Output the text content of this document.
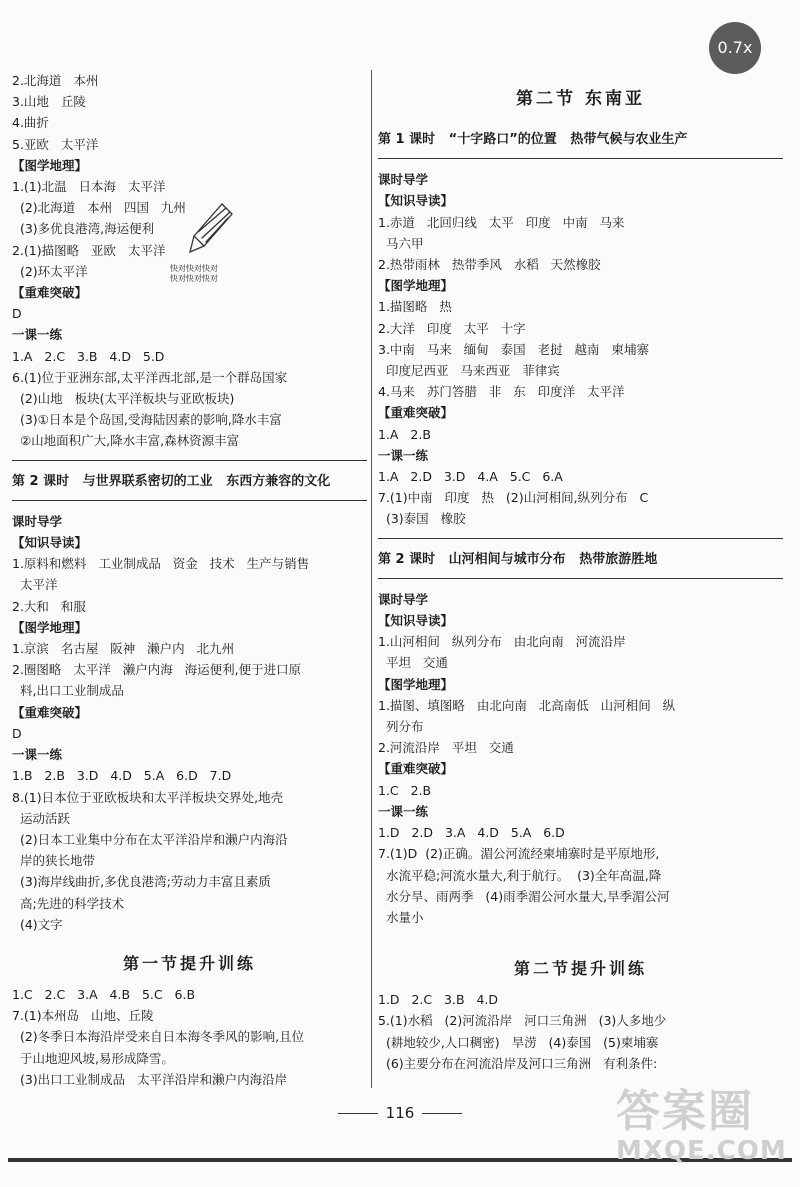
0.7x
2.北海道   本州
3.山地   丘陵
4.曲折
5.亚欧   太平洋
【图学地理】
1.(1)北温   日本海   太平洋
(2)北海道   本州   四国   九州
(3)多优良港湾,海运便利
2.(1)描图略   亚欧   太平洋
(2)环太平洋
【重难突破】
D
一课一练
1.A   2.C   3.B   4.D   5.D
6.(1)位于亚洲东部,太平洋西北部,是一个群岛国家
(2)山地   板块(太平洋板块与亚欧板块)
(3)①日本是个岛国,受海陆因素的影响,降水丰富
②山地面积广大,降水丰富,森林资源丰富
第 2 课时   与世界联系密切的工业   东西方兼容的文化
课时导学
【知识导读】
1.原料和燃料   工业制成品   资金   技术   生产与销售
太平洋
2.大和   和服
【图学地理】
1.京滨   名古屋   阪神   濑户内   北九州
2.圈图略   太平洋   濑户内海   海运便利,便于进口原
料,出口工业制成品
【重难突破】
D
一课一练
1.B   2.B   3.D   4.D   5.A   6.D   7.D
8.(1)日本位于亚欧板块和太平洋板块交界处,地壳
运动活跃
(2)日本工业集中分布在太平洋沿岸和濑户内海沿
岸的狭长地带
(3)海岸线曲折,多优良港湾;劳动力丰富且素质
高;先进的科学技术
(4)文字
第一节提升训练
1.C   2.C   3.A   4.B   5.C   6.B
7.(1)本州岛   山地、丘陵
(2)冬季日本海沿岸受来自日本海冬季风的影响,且位
于山地迎风坡,易形成降雪。
(3)出口工业制成品   太平洋沿岸和濑户内海沿岸
第二节 东南亚
第 1 课时   “十字路口”的位置   热带气候与农业生产
课时导学
【知识导读】
1.赤道   北回归线   太平   印度   中南   马来
马六甲
2.热带雨林   热带季风   水稻   天然橡胶
【图学地理】
1.描图略   热
2.大洋   印度   太平   十字
3.中南   马来   缅甸   泰国   老挝   越南   柬埔寨
印度尼西亚   马来西亚   菲律宾
4.马来   苏门答腊   非   东   印度洋   太平洋
【重难突破】
1.A   2.B
一课一练
1.A   2.D   3.D   4.A   5.C   6.A
7.(1)中南   印度   热   (2)山河相间,纵列分布   C
(3)泰国   橡胶
第 2 课时   山河相间与城市分布   热带旅游胜地
课时导学
【知识导读】
1.山河相间   纵列分布   由北向南   河流沿岸
平坦   交通
【图学地理】
1.描图、填图略   由北向南   北高南低   山河相间   纵
列分布
2.河流沿岸   平坦   交通
【重难突破】
1.C   2.B
一课一练
1.D   2.D   3.A   4.D   5.A   6.D
7.(1)D  (2)正确。湄公河流经柬埔寨时是平原地形,
水流平稳;河流水量大,利于航行。  (3)全年高温,降
水分旱、雨两季   (4)雨季湄公河水量大,旱季湄公河
水量小
第二节提升训练
1.D   2.C   3.B   4.D
5.(1)水稻   (2)河流沿岸   河口三角洲   (3)人多地少
(耕地较少,人口稠密)   旱涝   (4)泰国   (5)柬埔寨
(6)主要分布在河流沿岸及河口三角洲   有利条件:
快对快对快对
快对快对快对
116	答案圈
MXQE.COM
